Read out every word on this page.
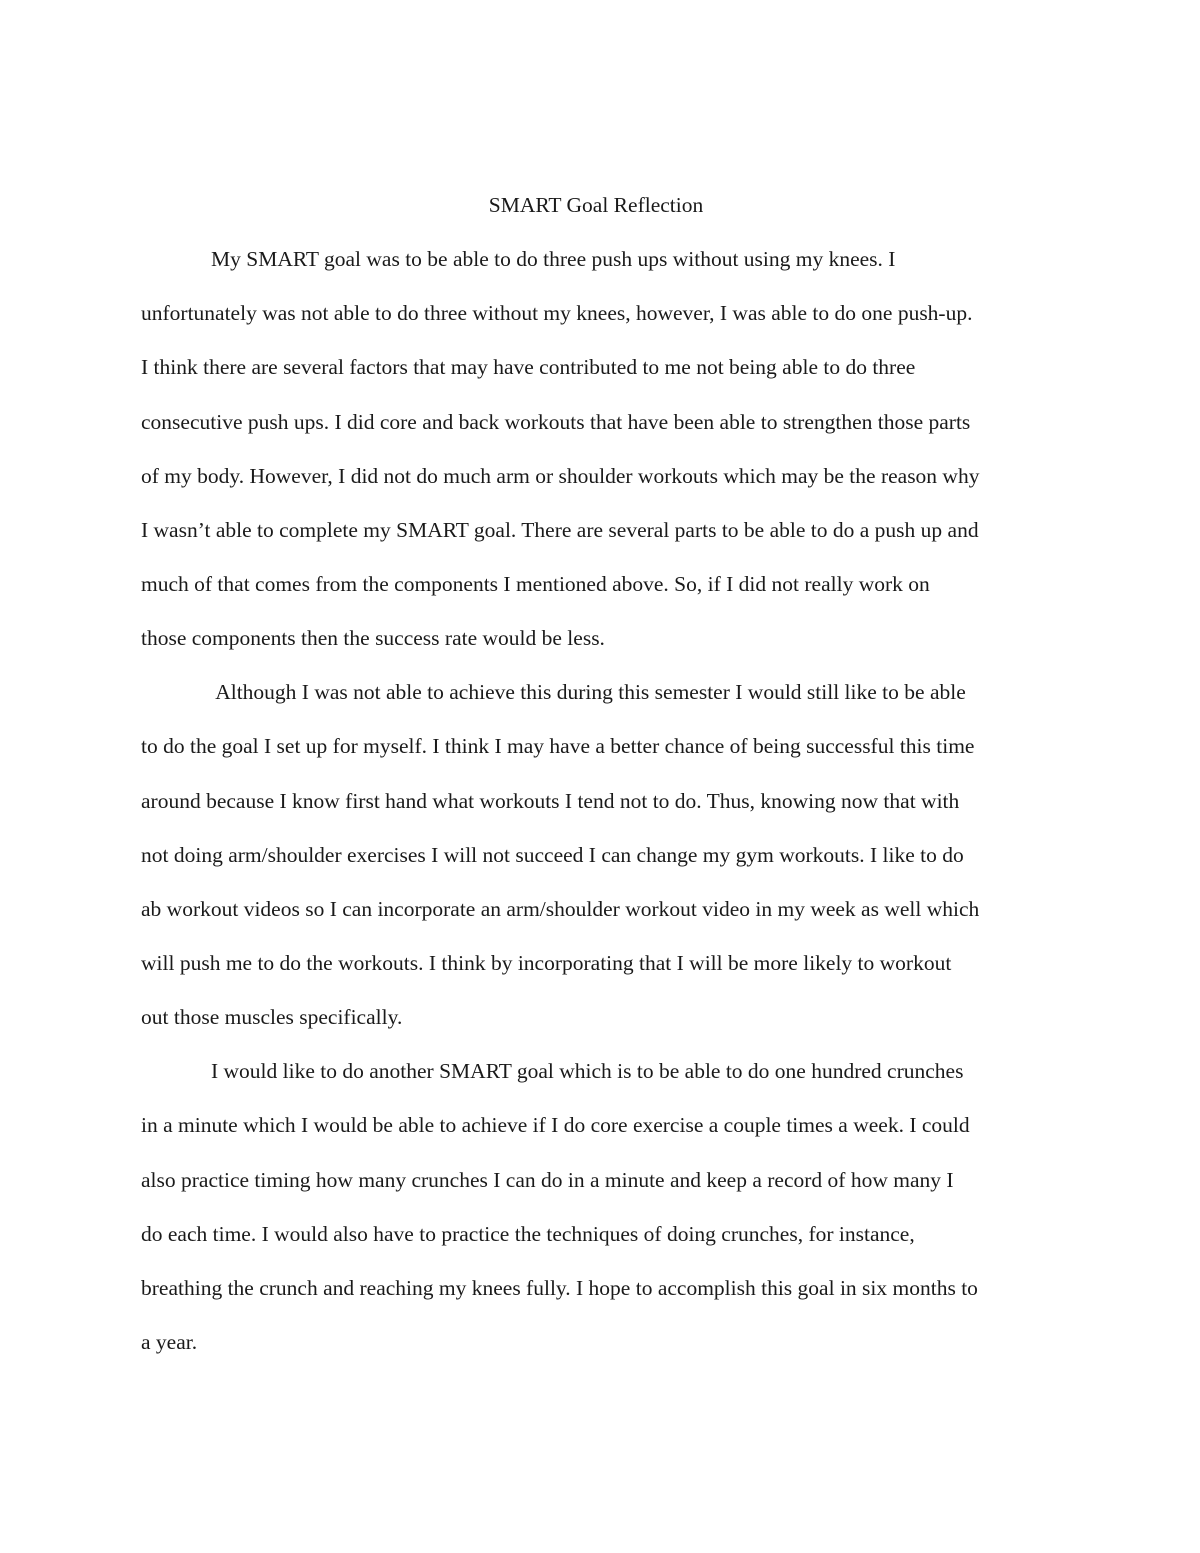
SMART Goal Reflection
My SMART goal was to be able to do three push ups without using my knees. I
unfortunately was not able to do three without my knees, however, I was able to do one push-up.
I think there are several factors that may have contributed to me not being able to do three
consecutive push ups. I did core and back workouts that have been able to strengthen those parts
of my body. However, I did not do much arm or shoulder workouts which may be the reason why
I wasn’t able to complete my SMART goal. There are several parts to be able to do a push up and
much of that comes from the components I mentioned above. So, if I did not really work on
those components then the success rate would be less.
Although I was not able to achieve this during this semester I would still like to be able
to do the goal I set up for myself. I think I may have a better chance of being successful this time
around because I know first hand what workouts I tend not to do. Thus, knowing now that with
not doing arm/shoulder exercises I will not succeed I can change my gym workouts. I like to do
ab workout videos so I can incorporate an arm/shoulder workout video in my week as well which
will push me to do the workouts. I think by incorporating that I will be more likely to workout
out those muscles specifically.
I would like to do another SMART goal which is to be able to do one hundred crunches
in a minute which I would be able to achieve if I do core exercise a couple times a week. I could
also practice timing how many crunches I can do in a minute and keep a record of how many I
do each time. I would also have to practice the techniques of doing crunches, for instance,
breathing the crunch and reaching my knees fully. I hope to accomplish this goal in six months to
a year.
